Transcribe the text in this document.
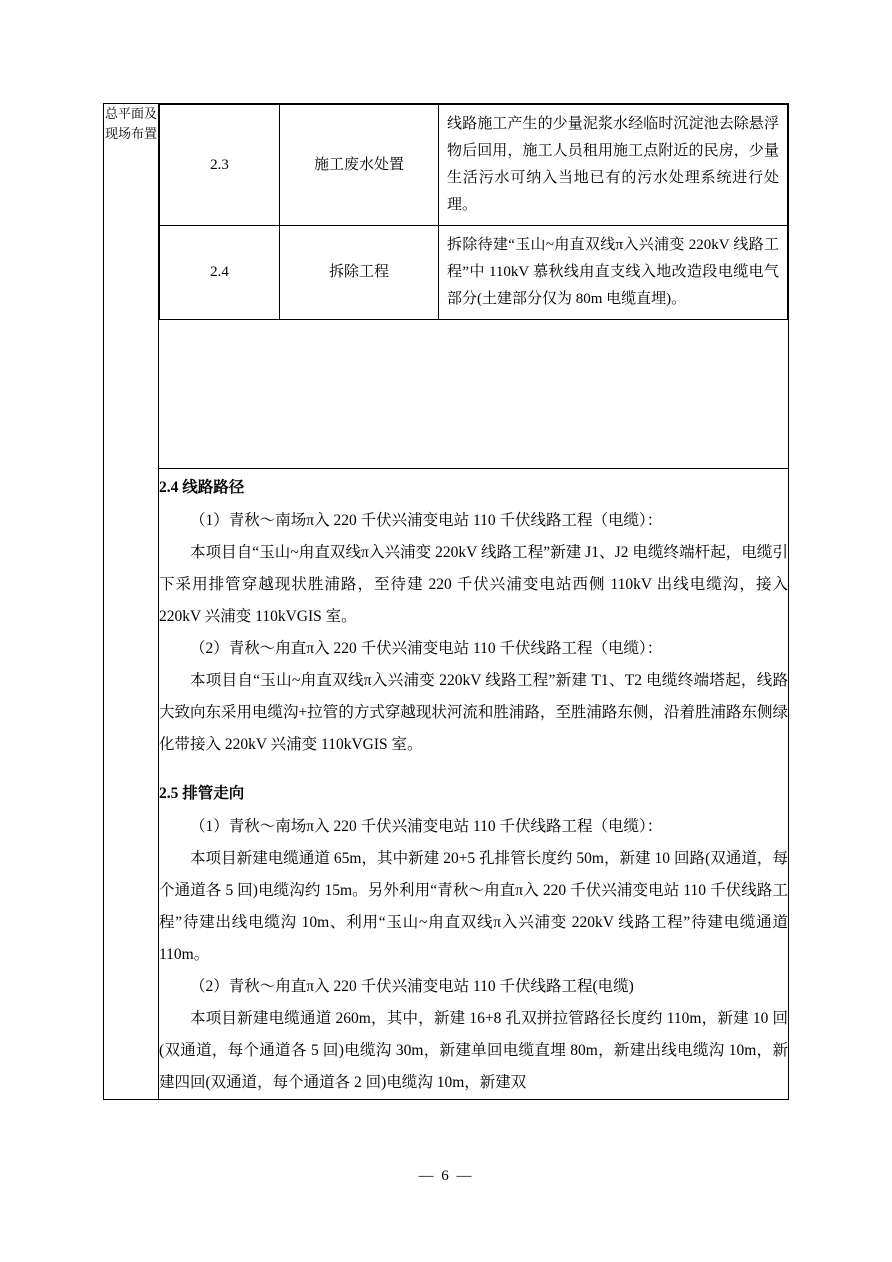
总平面及现场布置	
2.3	施工废水处置	线路施工产生的少量泥浆水经临时沉淀池去除悬浮物后回用，施工人员租用施工点附近的民房，少量生活污水可纳入当地已有的污水处理系统进行处理。
2.4	拆除工程	拆除待建“玉山~甪直双线π入兴浦变 220kV 线路工程”中 110kV 慕秋线甪直支线入地改造段电缆电气部分(土建部分仅为 80m 电缆直埋)。

2.4 线路路径

（1）青秋～南场π入 220 千伏兴浦变电站 110 千伏线路工程（电缆）：

本项目自“玉山~甪直双线π入兴浦变 220kV 线路工程”新建 J1、J2 电缆终端杆起，电缆引下采用排管穿越现状胜浦路，至待建 220 千伏兴浦变电站西侧 110kV 出线电缆沟，接入 220kV 兴浦变 110kVGIS 室。

（2）青秋～甪直π入 220 千伏兴浦变电站 110 千伏线路工程（电缆）：

本项目自“玉山~甪直双线π入兴浦变 220kV 线路工程”新建 T1、T2 电缆终端塔起，线路大致向东采用电缆沟+拉管的方式穿越现状河流和胜浦路，至胜浦路东侧，沿着胜浦路东侧绿化带接入 220kV 兴浦变 110kVGIS 室。

2.5 排管走向

（1）青秋～南场π入 220 千伏兴浦变电站 110 千伏线路工程（电缆）：

本项目新建电缆通道 65m，其中新建 20+5 孔排管长度约 50m，新建 10 回路(双通道，每个通道各 5 回)电缆沟约 15m。另外利用“青秋～甪直π入 220 千伏兴浦变电站 110 千伏线路工程”待建出线电缆沟 10m、利用“玉山~甪直双线π入兴浦变 220kV 线路工程”待建电缆通道 110m。

（2）青秋～甪直π入 220 千伏兴浦变电站 110 千伏线路工程(电缆)

本项目新建电缆通道 260m，其中，新建 16+8 孔双拼拉管路径长度约 110m，新建 10 回(双通道，每个通道各 5 回)电缆沟 30m，新建单回电缆直埋 80m，新建出线电缆沟 10m，新建四回(双通道，每个通道各 2 回)电缆沟 10m，新建双

— 6 —
